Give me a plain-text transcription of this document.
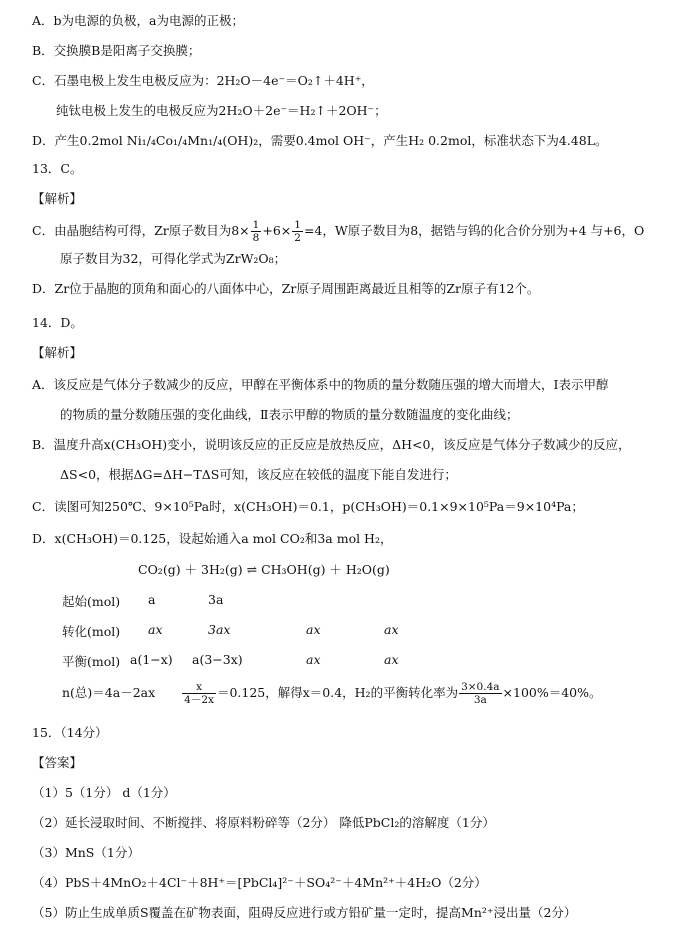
A．b为电源的负极，a为电源的正极；
B．交换膜B是阳离子交换膜；
C．石墨电极上发生电极反应为：2H₂O－4e⁻＝O₂↑＋4H⁺，
纯钛电极上发生的电极反应为2H₂O＋2e⁻＝H₂↑＋2OH⁻；
D．产生0.2mol Ni₁/₄Co₁/₄Mn₁/₄(OH)₂，需要0.4mol OH⁻，产生H₂ 0.2mol，标准状态下为4.48L。
13．C。
【解析】
C．由晶胞结构可得，Zr原子数目为$8\times \frac{1}{8} +6\times \frac{1}{2} =4$，W原子数目为8，据锆与钨的化合价分别为+4 与+6，O
原子数目为32，可得化学式为ZrW₂O₈；
D．Zr位于晶胞的顶角和面心的八面体中心，Zr原子周围距离最近且相等的Zr原子有12个。
14．D。
【解析】
A．该反应是气体分子数减少的反应，甲醇在平衡体系中的物质的量分数随压强的增大而增大，Ⅰ表示甲醇
的物质的量分数随压强的变化曲线，Ⅱ表示甲醇的物质的量分数随温度的变化曲线；
B．温度升高x(CH₃OH)变小，说明该反应的正反应是放热反应，ΔH<0，该反应是气体分子数减少的反应，
ΔS<0，根据ΔG=ΔH−TΔS可知，该反应在较低的温度下能自发进行；
C．读图可知250℃、9×10⁵Pa时，x(CH₃OH)＝0.1，p(CH₃OH)＝0.1×9×10⁵Pa＝9×10⁴Pa；
D．x(CH₃OH)＝0.125，设起始通入a mol CO₂和3a mol H₂，
CO₂(g) ＋ 3H₂(g) ⇌ CH₃OH(g) ＋ H₂O(g)
起始(mol) a	3a
转化(mol) ax	3ax	ax	ax
平衡(mol) a(1−x) a(3−3x)	ax	ax
n(总)＝4a－2ax	$\frac{x}{4-2x} =0.125$，解得x＝0.4，H₂的平衡转化率为 $\frac{3\times 0.4a}{3a} \times 100\%=40\%$。
15．（14分）
【答案】
（1）5（1分） d（1分）
（2）延长浸取时间、不断搅拌、将原料粉碎等（2分） 降低PbCl₂的溶解度（1分）
（3）MnS（1分）
（4）PbS＋4MnO₂＋4Cl⁻＋8H⁺＝[PbCl₄]²⁻＋SO₄²⁻＋4Mn²⁺＋4H₂O（2分）
（5）防止生成单质S覆盖在矿物表面，阻碍反应进行或方铅矿量一定时，提高Mn²⁺浸出量（2分）
